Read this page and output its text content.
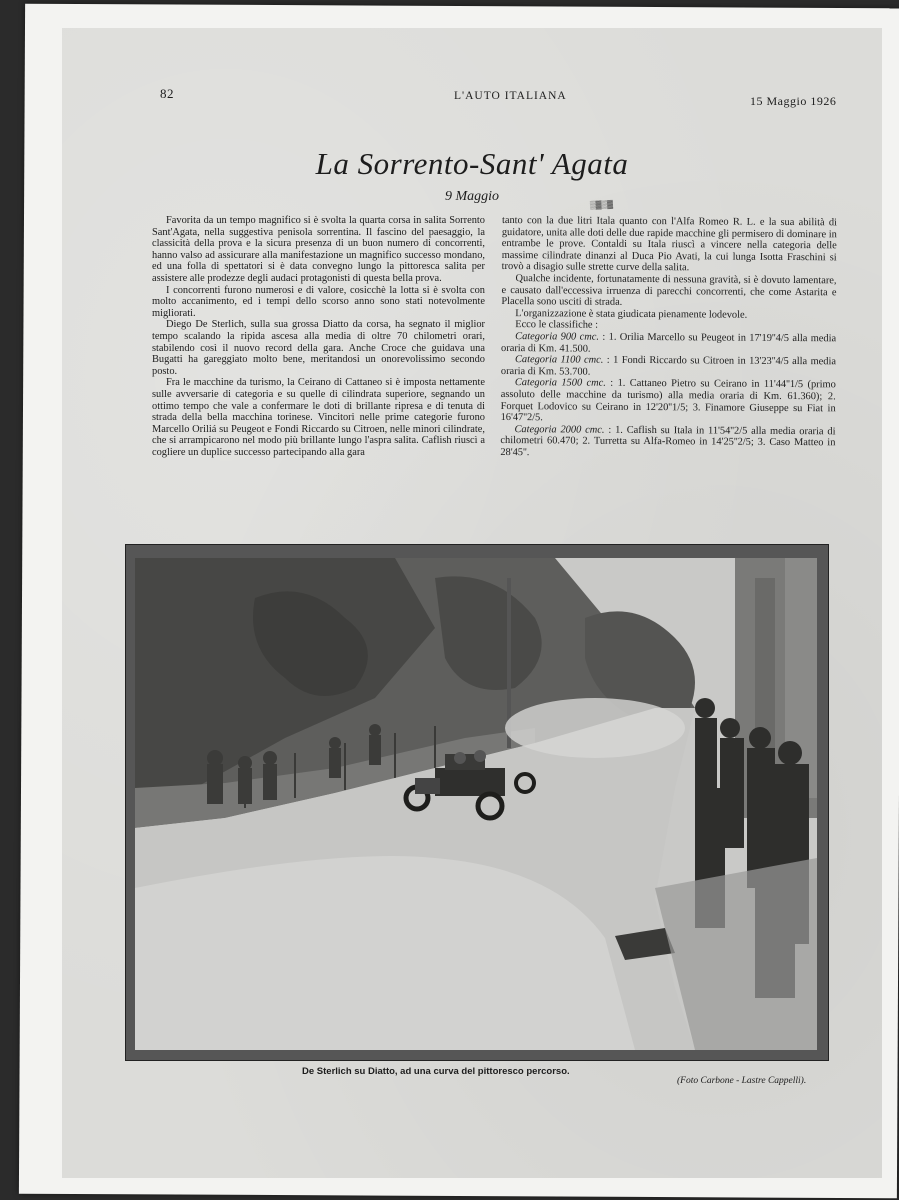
82	L'AUTO ITALIANA	15 Maggio 1926
La Sorrento-Sant' Agata
9 Maggio
▒▓▒▓

Favorita da un tempo magnifico si è svolta la quarta corsa in salita Sorrento Sant'Agata, nella suggestiva penisola sorrentina. Il fascino del paesaggio, la classicità della prova e la sicura presenza di un buon numero di concorrenti, hanno valso ad assicurare alla manifestazione un magnifico successo mondano, ed una folla di spettatori si è data convegno lungo la pittoresca salita per assistere alle prodezze degli audaci protagonisti di questa bella prova.

I concorrenti furono numerosi e di valore, cosicchè la lotta si è svolta con molto accanimento, ed i tempi dello scorso anno sono stati notevolmente migliorati.

Diego De Sterlich, sulla sua grossa Diatto da corsa, ha segnato il miglior tempo scalando la ripida ascesa alla media di oltre 70 chilometri orari, stabilendo così il nuovo record della gara. Anche Croce che guidava una Bugatti ha gareggiato molto bene, meritandosi un onorevolissimo secondo posto.

Fra le macchine da turismo, la Ceirano di Cattaneo si è imposta nettamente sulle avversarie di categoria e su quelle di cilindrata superiore, segnando un ottimo tempo che vale a confermare le doti di brillante ripresa e di tenuta di strada della bella macchina torinese. Vincitori nelle prime categorie furono Marcello Oriliá su Peugeot e Fondi Riccardo su Citroen, nelle minori cilindrate, che si arrampicarono nel modo più brillante lungo l'aspra salita. Caflish riuscì a cogliere un duplice successo partecipando alla gara

tanto con la due litri Itala quanto con l'Alfa Romeo R. L. e la sua abilità di guidatore, unita alle doti delle due rapide macchine gli permisero di dominare in entrambe le prove. Contaldi su Itala riuscì a vincere nella categoria delle massime cilindrate dinanzi al Duca Pio Avati, la cui lunga Isotta Fraschini si trovò a disagio sulle strette curve della salita.

Qualche incidente, fortunatamente di nessuna gravità, si è dovuto lamentare, e causato dall'eccessiva irruenza di parecchi concorrenti, che come Astarita e Placella sono usciti di strada.

L'organizzazione è stata giudicata pienamente lodevole.

Ecco le classifiche :

Categoria 900 cmc. : 1. Orilia Marcello su Peugeot in 17'19''4/5 alla media oraria di Km. 41.500.

Categoria 1100 cmc. : 1 Fondi Riccardo su Citroen in 13'23''4/5 alla media oraria di Km. 53.700.

Categoria 1500 cmc. : 1. Cattaneo Pietro su Ceirano in 11'44''1/5 (primo assoluto delle macchine da turismo) alla media oraria di Km. 61.360); 2. Forquet Lodovico su Ceirano in 12'20''1/5; 3. Finamore Giuseppe su Fiat in 16'47''2/5.

Categoria 2000 cmc. : 1. Caflish su Itala in 11'54''2/5 alla media oraria di chilometri 60.470; 2. Turretta su Alfa-Romeo in 14'25''2/5; 3. Caso Matteo in 28'45''.

De Sterlich su Diatto, ad una curva del pittoresco percorso.
(Foto Carbone - Lastre Cappelli).
